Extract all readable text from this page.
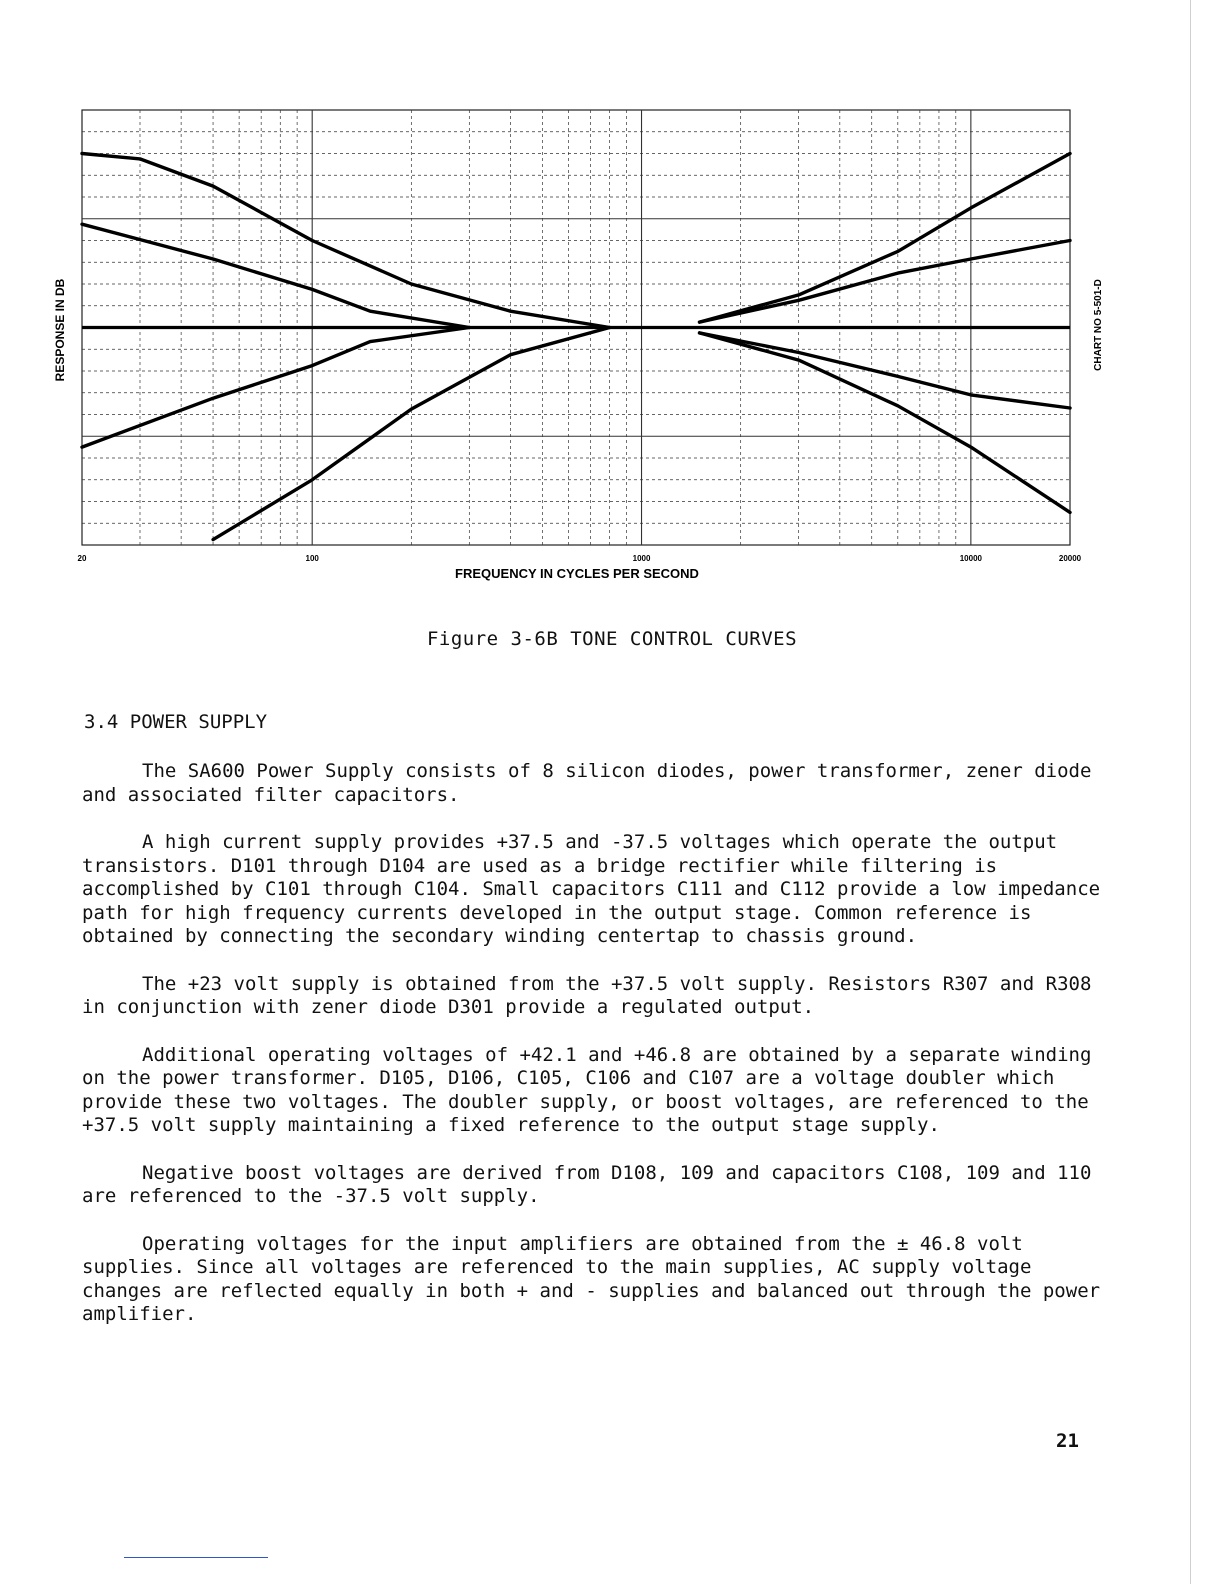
20	100	1000	10000	20000
FREQUENCY IN CYCLES PER SECOND
RESPONSE IN DB	CHART NO 5-501-D
Figure 3-6B TONE CONTROL CURVES
3.4 POWER SUPPLY

The SA600 Power Supply consists of 8 silicon diodes, power transformer, zener diode and associated filter capacitors.

A high current supply provides +37.5 and -37.5 voltages which operate the output transistors. D101 through D104 are used as a bridge rectifier while filtering is accomplished by C101 through C104. Small capacitors C111 and C112 provide a low impedance path for high frequency currents developed in the output stage. Common reference is obtained by connecting the secondary winding centertap to chassis ground.

The +23 volt supply is obtained from the +37.5 volt supply. Resistors R307 and R308 in conjunction with zener diode D301 provide a regulated output.

Additional operating voltages of +42.1 and +46.8 are obtained by a separate winding on the power transformer. D105, D106, C105, C106 and C107 are a voltage doubler which provide these two voltages. The doubler supply, or boost voltages, are referenced to the +37.5 volt supply maintaining a fixed reference to the output stage supply.

Negative boost voltages are derived from D108, 109 and capacitors C108, 109 and 110 are referenced to the -37.5 volt supply.

Operating voltages for the input amplifiers are obtained from the ± 46.8 volt supplies. Since all voltages are referenced to the main supplies, AC supply voltage changes are reflected equally in both + and - supplies and balanced out through the power amplifier.

21
